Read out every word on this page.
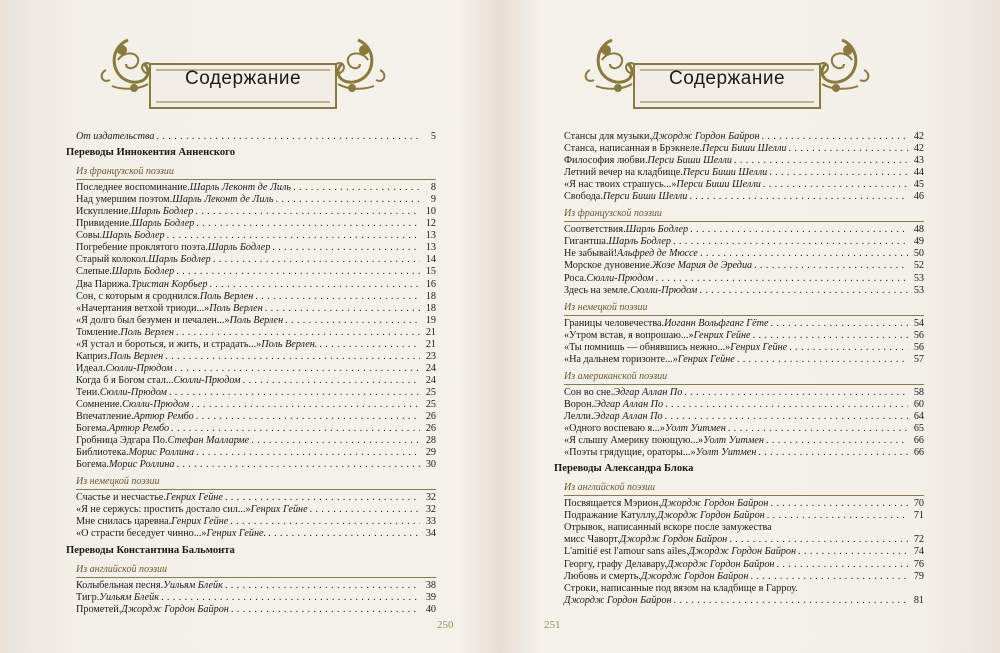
Содержание
От издательства . . .	5
Переводы Иннокентия Анненского
Из французской поэзии
Последнее воспоминание. Шарль Леконт де Лиль . . .	8
Над умершим поэтом. Шарль Леконт де Лиль . . .	9
Искупление. Шарль Бодлер . . .	10
Привидение. Шарль Бодлер . . .	12
Совы. Шарль Бодлер . . .	13
Погребение проклятого поэта. Шарль Бодлер . . .	13
Старый колокол. Шарль Бодлер . . .	14
Слепые. Шарль Бодлер . . .	15
Два Парижа. Тристан Корбьер . . .	16
Сон, с которым я сроднился. Поль Верлен . . .	18
«Начертания ветхой триоди...» Поль Верлен . . .	18
«Я долго был безумен и печален...» Поль Верлен . . .	19
Томление. Поль Верлен . . .	21
«Я устал и бороться, и жить, и страдать...» Поль Верлен. . . .	21
Каприз. Поль Верлен . . .	23
Идеал. Сюлли-Прюдом . . .	24
Когда б я Богом стал... Сюлли-Прюдом . . .	24
Тени. Сюлли-Прюдом . . .	25
Сомнение. Сюлли-Прюдом . . .	25
Впечатление. Артюр Рембо . . .	26
Богема. Артюр Рембо . . .	26
Гробница Эдгара По. Стефан Малларме . . .	28
Библиотека. Морис Роллина . . .	29
Богема. Морис Роллина . . .	30
Из немецкой поэзии
Счастье и несчастье. Генрих Гейне . . .	32
«Я не сержусь: простить достало сил...» Генрих Гейне . . .	32
Мне снилась царевна. Генрих Гейне . . .	33
«О страсти беседует чинно...» Генрих Гейне. . . .	34
Переводы Константина Бальмонта
Из английской поэзии
Колыбельная песня. Уильям Блейк . . .	38
Тигр. Уильям Блейк . . .	39
Прометей. Джордж Гордон Байрон . . .	40
250
Содержание
Стансы для музыки. Джордж Гордон Байрон . . .	42
Станса, написанная в Брэкнеле. Перси Биши Шелли . . .	42
Философия любви. Перси Биши Шелли . . .	43
Летний вечер на кладбище. Перси Биши Шелли . . .	44
«Я нас твоих страшусь...» Перси Биши Шелли . . .	45
Свобода. Перси Биши Шелли . . .	46
Из французской поэзии
Соответствия. Шарль Бодлер . . .	48
Гигантша. Шарль Бодлер . . .	49
Не забывай! Альфред де Мюссе . . .	50
Морское дуновение. Жозе Мария де Эредиа . . .	52
Роса. Сюлли-Прюдом . . .	53
Здесь на земле. Сюлли-Прюдом . . .	53
Из немецкой поэзии
Границы человечества. Иоганн Вольфганг Гёте . . .	54
«Утром встав, я вопрошаю...» Генрих Гейне . . .	56
«Ты помнишь — обнявшись нежно...» Генрих Гейне . . .	56
«На дальнем горизонте...» Генрих Гейне . . .	57
Из американской поэзии
Сон во сне. Эдгар Аллан По . . .	58
Ворон. Эдгар Аллан По . . .	60
Лелли. Эдгар Аллан По . . .	64
«Одного воспеваю я...» Уолт Уитмен . . .	65
«Я слышу Америку поющую...» Уолт Уитмен . . .	66
«Поэты грядущие, ораторы...» Уолт Уитмен . . .	66
Переводы Александра Блока
Из английской поэзии
Посвящается Мэрион. Джордж Гордон Байрон . . .	70
Подражание Катуллу. Джордж Гордон Байрон . . .	71
Отрывок, написанный вскоре после замужества
мисс Чаворт. Джордж Гордон Байрон . . .	72
L'amitié est l'amour sans ailes. Джордж Гордон Байрон . . .	74
Георгу, графу Делавару. Джордж Гордон Байрон . . .	76
Любовь и смерть. Джордж Гордон Байрон . . .	79
Строки, написанные под вязом на кладбище в Гарроу.
Джордж Гордон Байрон . . .	81
251
